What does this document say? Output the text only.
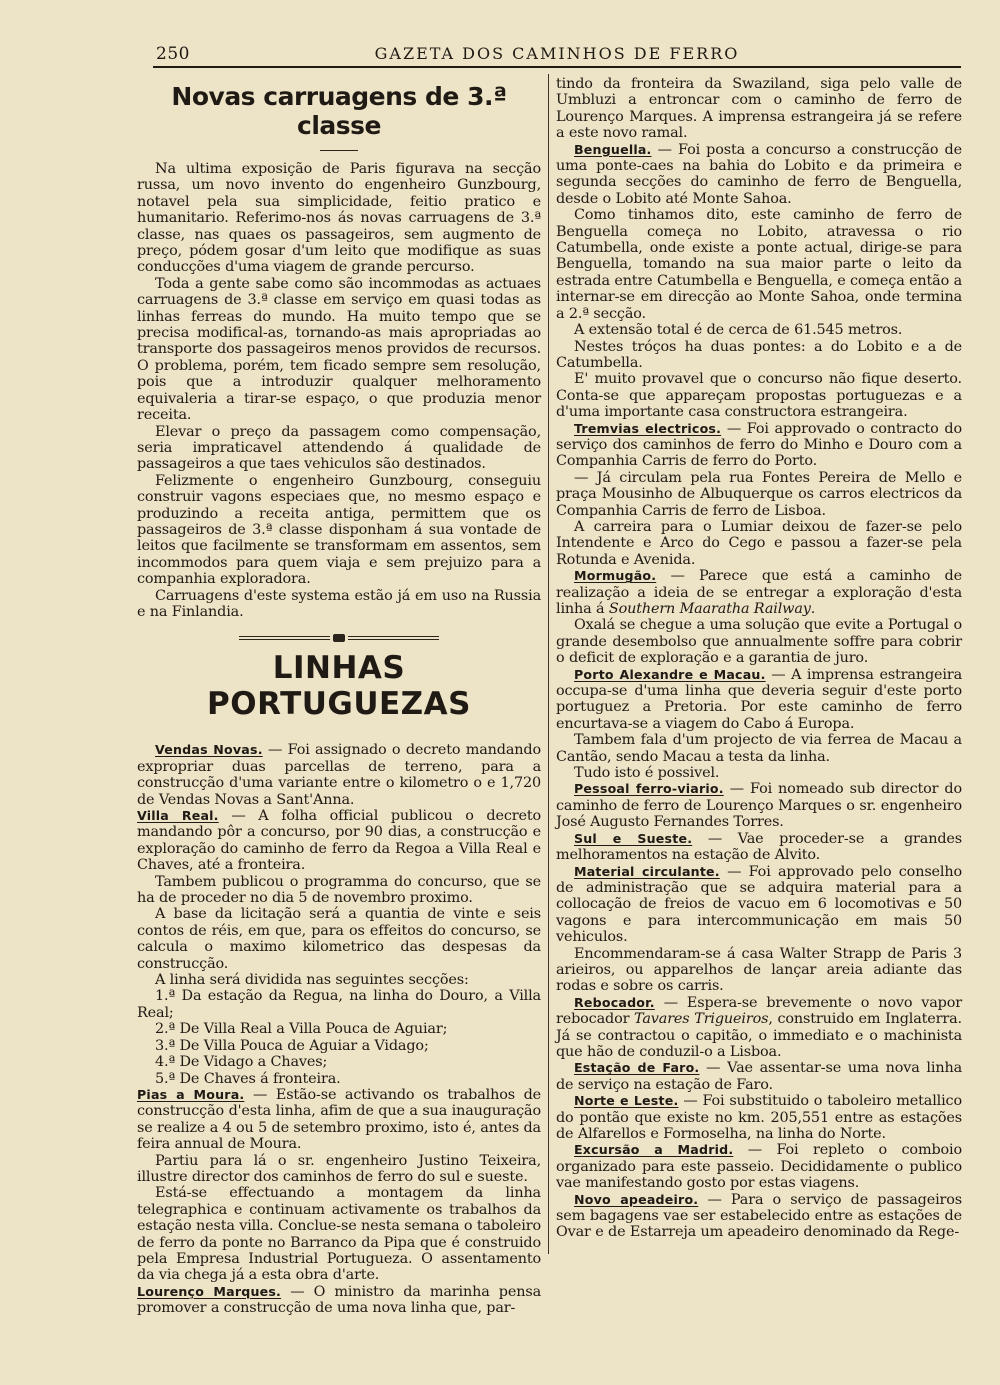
250	GAZETA DOS CAMINHOS DE FERRO
Novas carruagens de 3.ª classe

Na ultima exposição de Paris figurava na secção russa, um novo invento do engenheiro Gunzbourg, notavel pela sua simplicidade, feitio pratico e humanitario. Referimo-nos ás novas carruagens de 3.ª classe, nas quaes os passageiros, sem augmento de preço, pódem gosar d'um leito que modifique as suas conducções d'uma viagem de grande percurso.

Toda a gente sabe como são incommodas as actuaes carruagens de 3.ª classe em serviço em quasi todas as linhas ferreas do mundo. Ha muito tempo que se precisa modifical-as, tornando-as mais apropriadas ao transporte dos passageiros menos providos de recursos. O problema, porém, tem ficado sempre sem resolução, pois que a introduzir qualquer melhoramento equivaleria a tirar-se espaço, o que produzia menor receita.

Elevar o preço da passagem como compensação, seria impraticavel attendendo á qualidade de passageiros a que taes vehiculos são destinados.

Felizmente o engenheiro Gunzbourg, conseguiu construir vagons especiaes que, no mesmo espaço e produzindo a receita antiga, permittem que os passageiros de 3.ª classe disponham á sua vontade de leitos que facilmente se transformam em assentos, sem incommodos para quem viaja e sem prejuizo para a companhia exploradora.

Carruagens d'este systema estão já em uso na Russia e na Finlandia.

LINHAS PORTUGUEZAS

Vendas Novas. — Foi assignado o decreto mandando expropriar duas parcellas de terreno, para a construcção d'uma variante entre o kilometro o e 1,720 de Vendas Novas a Sant'Anna.

Villa Real. — A folha official publicou o decreto mandando pôr a concurso, por 90 dias, a construcção e exploração do caminho de ferro da Regoa a Villa Real e Chaves, até a fronteira.

Tambem publicou o programma do concurso, que se ha de proceder no dia 5 de novembro proximo.

A base da licitação será a quantia de vinte e seis contos de réis, em que, para os effeitos do concurso, se calcula o maximo kilometrico das despesas da construcção.

A linha será dividida nas seguintes secções:

1.ª Da estação da Regua, na linha do Douro, a Villa Real;

2.ª De Villa Real a Villa Pouca de Aguiar;

3.ª De Villa Pouca de Aguiar a Vidago;

4.ª De Vidago a Chaves;

5.ª De Chaves á fronteira.

Pias a Moura. — Estão-se activando os trabalhos de construcção d'esta linha, afim de que a sua inauguração se realize a 4 ou 5 de setembro proximo, isto é, antes da feira annual de Moura.

Partiu para lá o sr. engenheiro Justino Teixeira, illustre director dos caminhos de ferro do sul e sueste.

Está-se effectuando a montagem da linha telegraphica e continuam activamente os trabalhos da estação nesta villa. Conclue-se nesta semana o taboleiro de ferro da ponte no Barranco da Pipa que é construido pela Empresa Industrial Portugueza. O assentamento da via chega já a esta obra d'arte.

Lourenço Marques. — O ministro da marinha pensa promover a construcção de uma nova linha que, par-

tindo da fronteira da Swaziland, siga pelo valle de Umbluzi a entroncar com o caminho de ferro de Lourenço Marques. A imprensa estrangeira já se refere a este novo ramal.

Benguella. — Foi posta a concurso a construcção de uma ponte-caes na bahia do Lobito e da primeira e segunda secções do caminho de ferro de Benguella, desde o Lobito até Monte Sahoa.

Como tinhamos dito, este caminho de ferro de Benguella começa no Lobito, atravessa o rio Catumbella, onde existe a ponte actual, dirige-se para Benguella, tomando na sua maior parte o leito da estrada entre Catumbella e Benguella, e começa então a internar-se em direcção ao Monte Sahoa, onde termina a 2.ª secção.

A extensão total é de cerca de 61.545 metros.

Nestes tróços ha duas pontes: a do Lobito e a de Catumbella.

E' muito provavel que o concurso não fique deserto. Conta-se que appareçam propostas portuguezas e a d'uma importante casa constructora estrangeira.

Tremvias electricos. — Foi approvado o contracto do serviço dos caminhos de ferro do Minho e Douro com a Companhia Carris de ferro do Porto.

— Já circulam pela rua Fontes Pereira de Mello e praça Mousinho de Albuquerque os carros electricos da Companhia Carris de ferro de Lisboa.

A carreira para o Lumiar deixou de fazer-se pelo Intendente e Arco do Cego e passou a fazer-se pela Rotunda e Avenida.

Mormugão. — Parece que está a caminho de realização a ideia de se entregar a exploração d'esta linha á Southern Maaratha Railway.

Oxalá se chegue a uma solução que evite a Portugal o grande desembolso que annualmente soffre para cobrir o deficit de exploração e a garantia de juro.

Porto Alexandre e Macau. — A imprensa estrangeira occupa-se d'uma linha que deveria seguir d'este porto portuguez a Pretoria. Por este caminho de ferro encurtava-se a viagem do Cabo á Europa.

Tambem fala d'um projecto de via ferrea de Macau a Cantão, sendo Macau a testa da linha.

Tudo isto é possivel.

Pessoal ferro-viario. — Foi nomeado sub director do caminho de ferro de Lourenço Marques o sr. engenheiro José Augusto Fernandes Torres.

Sul e Sueste. — Vae proceder-se a grandes melhoramentos na estação de Alvito.

Material circulante. — Foi approvado pelo conselho de administração que se adquira material para a collocação de freios de vacuo em 6 locomotivas e 50 vagons e para intercommunicação em mais 50 vehiculos.

Encommendaram-se á casa Walter Strapp de Paris 3 arieiros, ou apparelhos de lançar areia adiante das rodas e sobre os carris.

Rebocador. — Espera-se brevemente o novo vapor rebocador Tavares Trigueiros, construido em Inglaterra. Já se contractou o capitão, o immediato e o machinista que hão de conduzil-o a Lisboa.

Estação de Faro. — Vae assentar-se uma nova linha de serviço na estação de Faro.

Norte e Leste. — Foi substituido o taboleiro metallico do pontão que existe no km. 205,551 entre as estações de Alfarellos e Formoselha, na linha do Norte.

Excursão a Madrid. — Foi repleto o comboio organizado para este passeio. Decididamente o publico vae manifestando gosto por estas viagens.

Novo apeadeiro. — Para o serviço de passageiros sem bagagens vae ser estabelecido entre as estações de Ovar e de Estarreja um apeadeiro denominado da Rege-
